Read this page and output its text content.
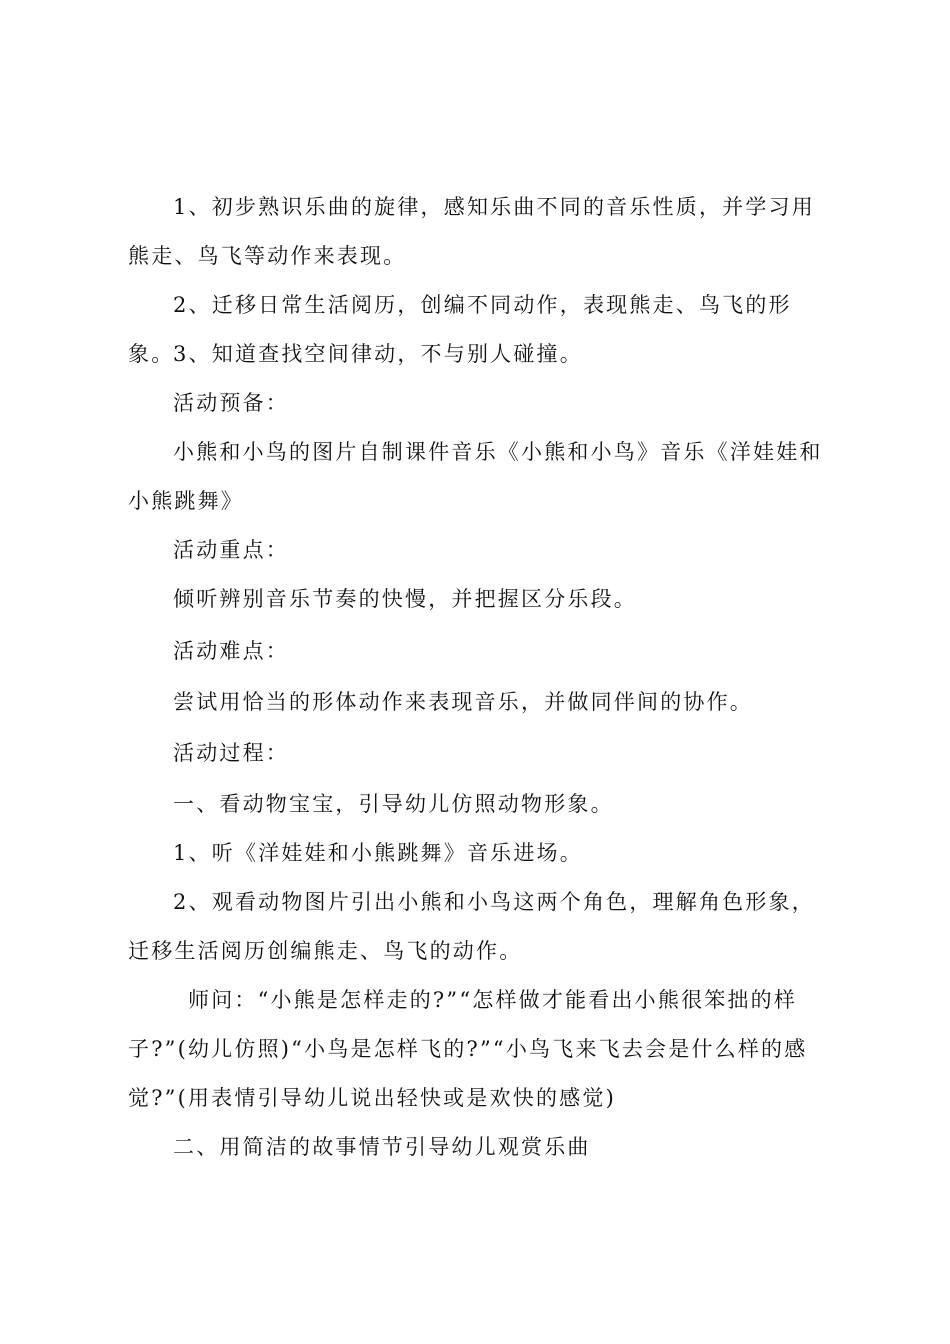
1、初步熟识乐曲的旋律，感知乐曲不同的音乐性质，并学习用熊走、鸟飞等动作来表现。

2、迁移日常生活阅历，创编不同动作，表现熊走、鸟飞的形象。

3、知道查找空间律动，不与别人碰撞。

活动预备：

小熊和小鸟的图片自制课件音乐《小熊和小鸟》音乐《洋娃娃和小熊跳舞》

活动重点：

倾听辨别音乐节奏的快慢，并把握区分乐段。

活动难点：

尝试用恰当的形体动作来表现音乐，并做同伴间的协作。

活动过程：

一、看动物宝宝，引导幼儿仿照动物形象。

1、听《洋娃娃和小熊跳舞》音乐进场。

2、观看动物图片引出小熊和小鸟这两个角色，理解角色形象，迁移生活阅历创编熊走、鸟飞的动作。

师问：“小熊是怎样走的?”“怎样做才能看出小熊很笨拙的样子?”(幼儿仿照)“小鸟是怎样飞的?”“小鸟飞来飞去会是什么样的感觉?”(用表情引导幼儿说出轻快或是欢快的感觉)

二、用简洁的故事情节引导幼儿观赏乐曲
